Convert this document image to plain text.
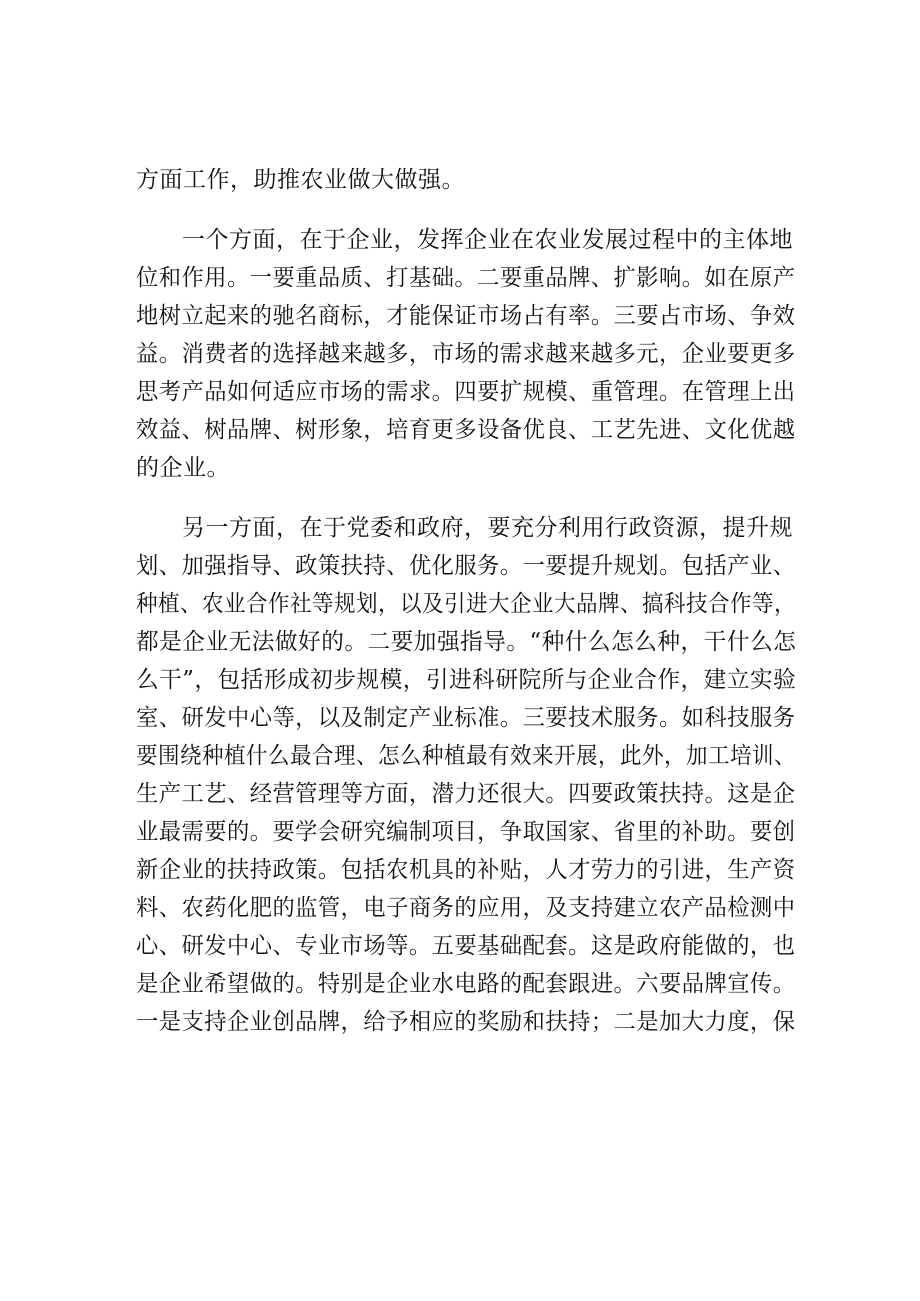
方面工作，助推农业做大做强。
一个方面，在于企业，发挥企业在农业发展过程中的主体地
位和作用。一要重品质、打基础。二要重品牌、扩影响。如在原产
地树立起来的驰名商标，才能保证市场占有率。三要占市场、争效
益。消费者的选择越来越多，市场的需求越来越多元，企业要更多
思考产品如何适应市场的需求。四要扩规模、重管理。在管理上出
效益、树品牌、树形象，培育更多设备优良、工艺先进、文化优越
的企业。
另一方面，在于党委和政府，要充分利用行政资源，提升规
划、加强指导、政策扶持、优化服务。一要提升规划。包括产业、
种植、农业合作社等规划，以及引进大企业大品牌、搞科技合作等，
都是企业无法做好的。二要加强指导。“种什么怎么种，干什么怎
么干”，包括形成初步规模，引进科研院所与企业合作，建立实验
室、研发中心等，以及制定产业标准。三要技术服务。如科技服务
要围绕种植什么最合理、怎么种植最有效来开展，此外，加工培训、
生产工艺、经营管理等方面，潜力还很大。四要政策扶持。这是企
业最需要的。要学会研究编制项目，争取国家、省里的补助。要创
新企业的扶持政策。包括农机具的补贴，人才劳力的引进，生产资
料、农药化肥的监管，电子商务的应用，及支持建立农产品检测中
心、研发中心、专业市场等。五要基础配套。这是政府能做的，也
是企业希望做的。特别是企业水电路的配套跟进。六要品牌宣传。
一是支持企业创品牌，给予相应的奖励和扶持；二是加大力度，保
